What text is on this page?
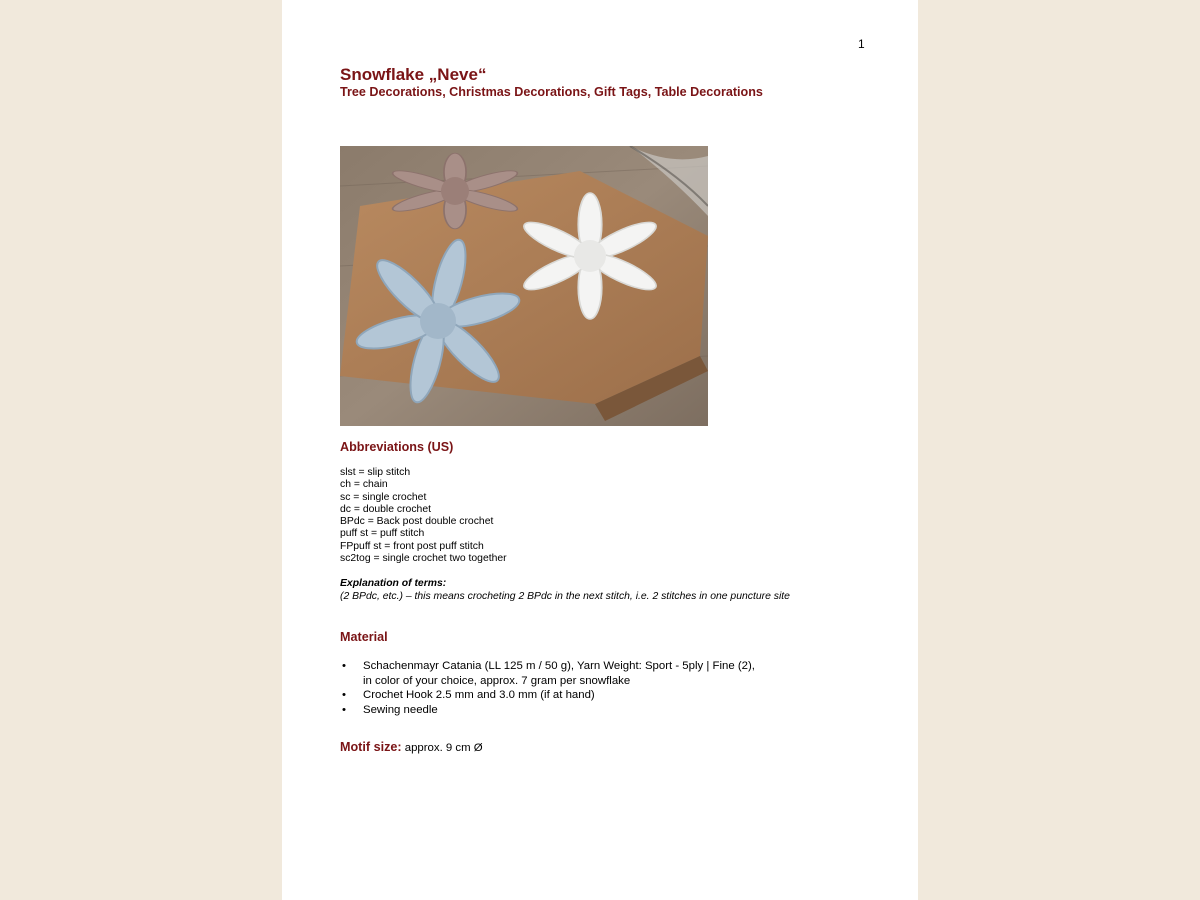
1
Snowflake „Neve“
Tree Decorations, Christmas Decorations, Gift Tags, Table Decorations
Abbreviations (US)
slst = slip stitch
ch = chain
sc = single crochet
dc = double crochet
BPdc = Back post double crochet
puff st = puff stitch
FPpuff st = front post puff stitch
sc2tog = single crochet two together
Explanation of terms:
(2 BPdc, etc.) – this means crocheting 2 BPdc in the next stitch, i.e. 2 stitches in one puncture site
Material
• Schachenmayr Catania (LL 125 m / 50 g), Yarn Weight: Sport - 5ply | Fine (2),
in color of your choice, approx. 7 gram per snowflake
• Crochet Hook 2.5 mm and 3.0 mm (if at hand)
• Sewing needle
Motif size: approx. 9 cm Ø
